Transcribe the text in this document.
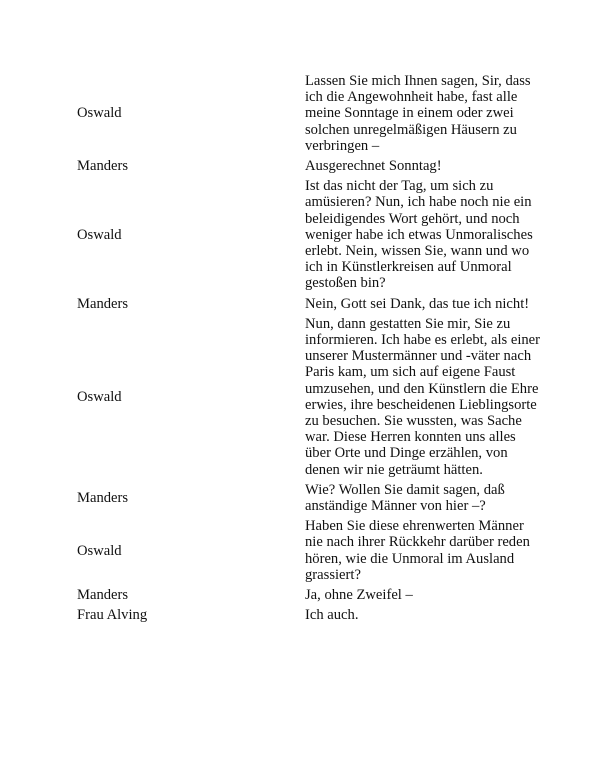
Oswald	Lassen Sie mich Ihnen sagen, Sir, dass ich die Angewohnheit habe, fast alle meine Sonntage in einem oder zwei solchen unregelmäßigen Häusern zu verbringen –

Manders	Ausgerechnet Sonntag!

Oswald	Ist das nicht der Tag, um sich zu amüsieren? Nun, ich habe noch nie ein beleidigendes Wort gehört, und noch weniger habe ich etwas Unmoralisches erlebt. Nein, wissen Sie, wann und wo ich in Künstlerkreisen auf Unmoral gestoßen bin?

Manders	Nein, Gott sei Dank, das tue ich nicht!

Oswald	Nun, dann gestatten Sie mir, Sie zu informieren. Ich habe es erlebt, als einer unserer Mustermänner und -väter nach Paris kam, um sich auf eigene Faust umzusehen, und den Künstlern die Ehre erwies, ihre bescheidenen Lieblingsorte zu besuchen. Sie wussten, was Sache war. Diese Herren konnten uns alles über Orte und Dinge erzählen, von denen wir nie geträumt hätten.

Manders	Wie? Wollen Sie damit sagen, daß anständige Männer von hier –?

Oswald	Haben Sie diese ehrenwerten Männer nie nach ihrer Rückkehr darüber reden hören, wie die Unmoral im Ausland grassiert?

Manders	Ja, ohne Zweifel –

Frau Alving	Ich auch.
